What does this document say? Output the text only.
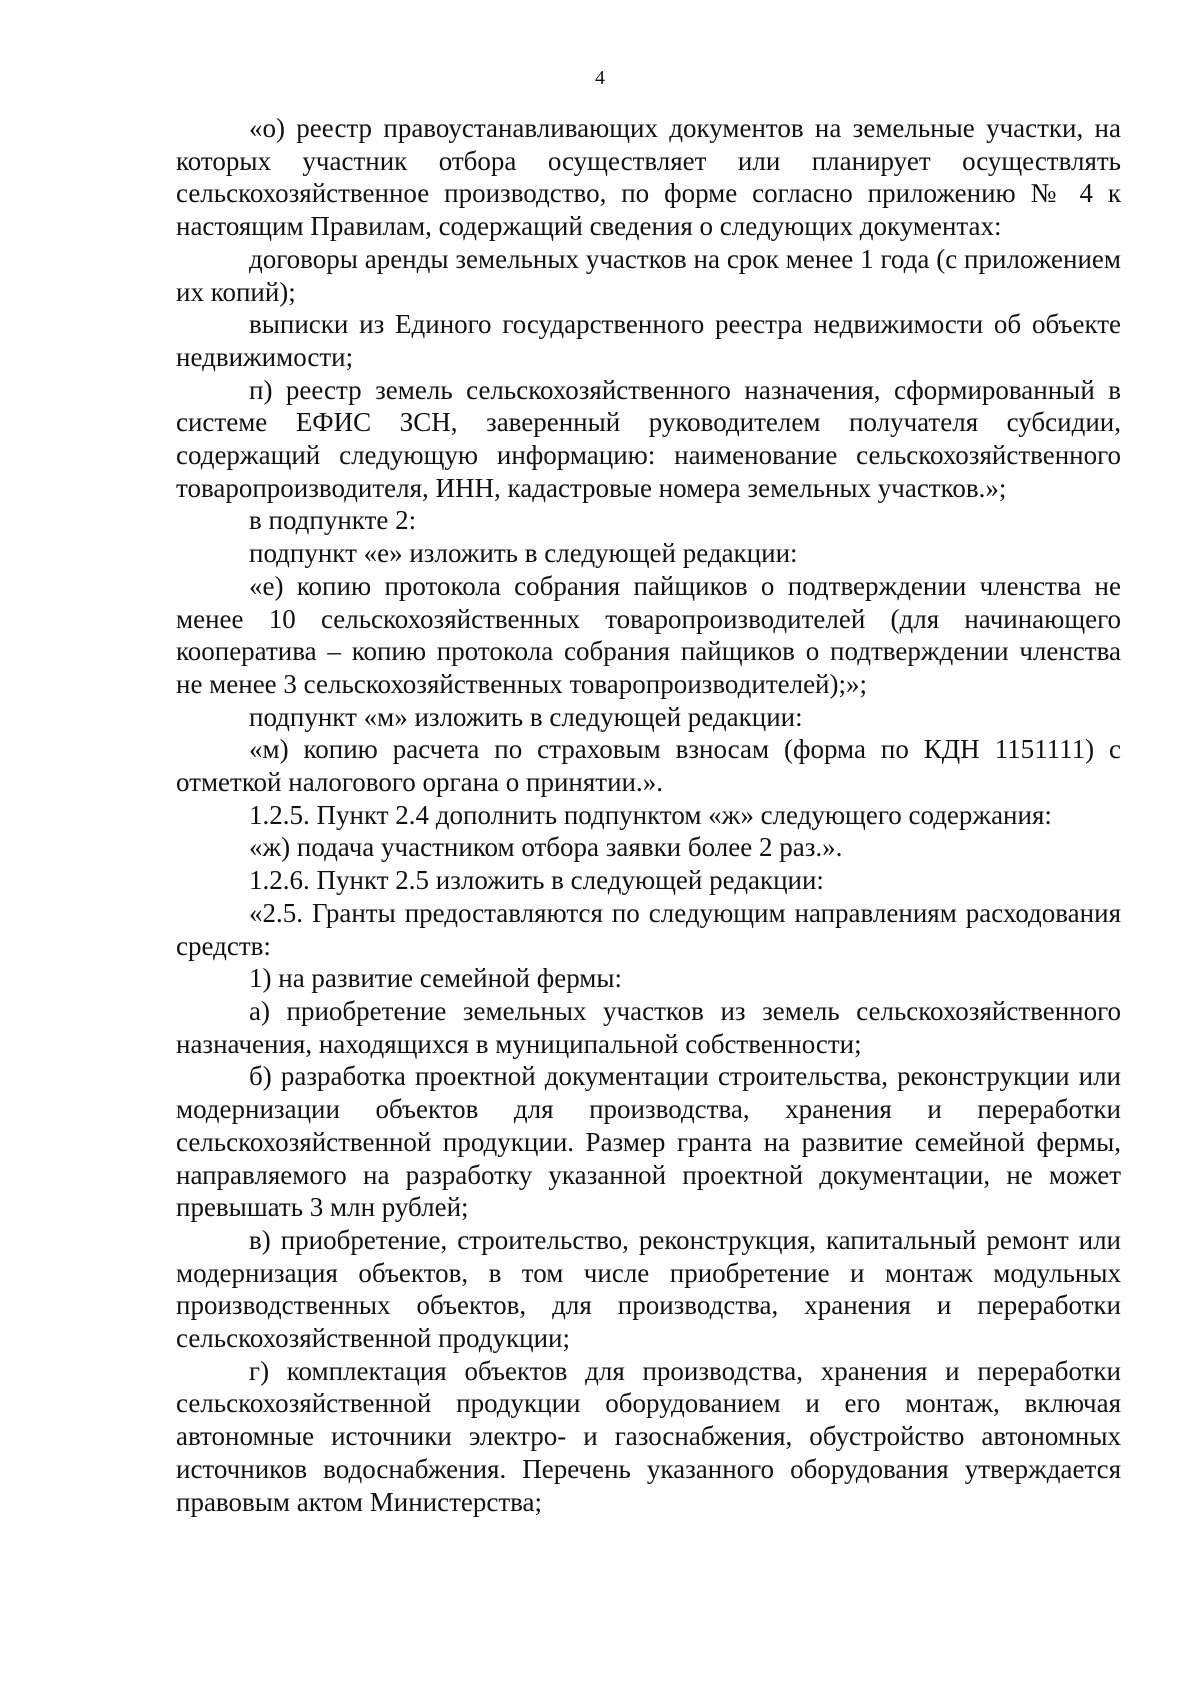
4

«о) реестр правоустанавливающих документов на земельные участки, на которых участник отбора осуществляет или планирует осуществлять сельскохозяйственное производство, по форме согласно приложению № 4 к настоящим Правилам, содержащий сведения о следующих документах:

договоры аренды земельных участков на срок менее 1 года (с приложением их копий);

выписки из Единого государственного реестра недвижимости об объекте недвижимости;

п) реестр земель сельскохозяйственного назначения, сформированный в системе ЕФИС ЗСН, заверенный руководителем получателя субсидии, содержащий следующую информацию: наименование сельскохозяйственного товаропроизводителя, ИНН, кадастровые номера земельных участков.»;

в подпункте 2:

подпункт «е» изложить в следующей редакции:

«е) копию протокола собрания пайщиков о подтверждении членства не менее 10 сельскохозяйственных товаропроизводителей (для начинающего кооператива – копию протокола собрания пайщиков о подтверждении членства не менее 3 сельскохозяйственных товаропроизводителей);»;

подпункт «м» изложить в следующей редакции:

«м) копию расчета по страховым взносам (форма по КДН 1151111) с отметкой налогового органа о принятии.».

1.2.5. Пункт 2.4 дополнить подпунктом «ж» следующего содержания:

«ж) подача участником отбора заявки более 2 раз.».

1.2.6. Пункт 2.5 изложить в следующей редакции:

«2.5. Гранты предоставляются по следующим направлениям расходования средств:

1) на развитие семейной фермы:

а) приобретение земельных участков из земель сельскохозяйственного назначения, находящихся в муниципальной собственности;

б) разработка проектной документации строительства, реконструкции или модернизации объектов для производства, хранения и переработки сельскохозяйственной продукции. Размер гранта на развитие семейной фермы, направляемого на разработку указанной проектной документации, не может превышать 3 млн рублей;

в) приобретение, строительство, реконструкция, капитальный ремонт или модернизация объектов, в том числе приобретение и монтаж модульных производственных объектов, для производства, хранения и переработки сельскохозяйственной продукции;

г) комплектация объектов для производства, хранения и переработки сельскохозяйственной продукции оборудованием и его монтаж, включая автономные источники электро- и газоснабжения, обустройство автономных источников водоснабжения. Перечень указанного оборудования утверждается правовым актом Министерства;
